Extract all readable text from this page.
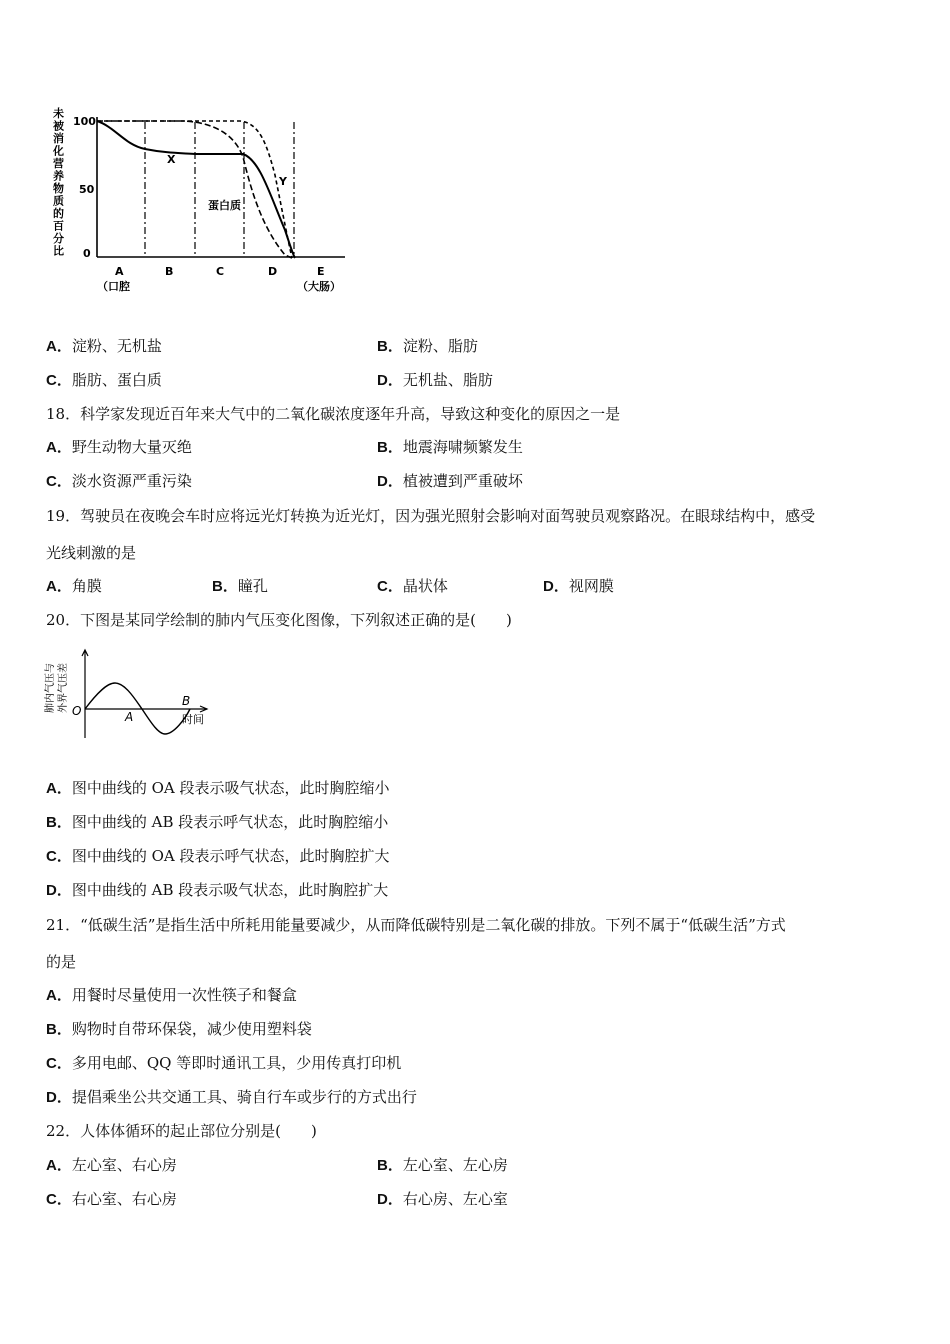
未被消化营养物质的百分比
100
50
0
X
Y
蛋白质
A	B	C	D	E
（口腔	（大肠）
A．淀粉、无机盐	B．淀粉、脂肪
C．脂肪、蛋白质	D．无机盐、脂肪
18．科学家发现近百年来大气中的二氧化碳浓度逐年升高，导致这种变化的原因之一是
A．野生动物大量灭绝	B．地震海啸频繁发生
C．淡水资源严重污染	D．植被遭到严重破坏
19．驾驶员在夜晚会车时应将远光灯转换为近光灯，因为强光照射会影响对面驾驶员观察路况。在眼球结构中，感受
光线刺激的是
A．角膜	B．瞳孔	C．晶状体	D．视网膜
20．下图是某同学绘制的肺内气压变化图像，下列叙述正确的是(　　)
肺内气压与 外界气压差 O	A
B
时间
A．图中曲线的 OA 段表示吸气状态，此时胸腔缩小
B．图中曲线的 AB 段表示呼气状态，此时胸腔缩小
C．图中曲线的 OA 段表示呼气状态，此时胸腔扩大
D．图中曲线的 AB 段表示吸气状态，此时胸腔扩大
21．“低碳生活”是指生活中所耗用能量要减少，从而降低碳特别是二氧化碳的排放。下列不属于“低碳生活”方式
的是
A．用餐时尽量使用一次性筷子和餐盒
B．购物时自带环保袋，减少使用塑料袋
C．多用电邮、QQ 等即时通讯工具，少用传真打印机
D．提倡乘坐公共交通工具、骑自行车或步行的方式出行
22．人体体循环的起止部位分别是(　　)
A．左心室、右心房	B．左心室、左心房
C．右心室、右心房	D．右心房、左心室
